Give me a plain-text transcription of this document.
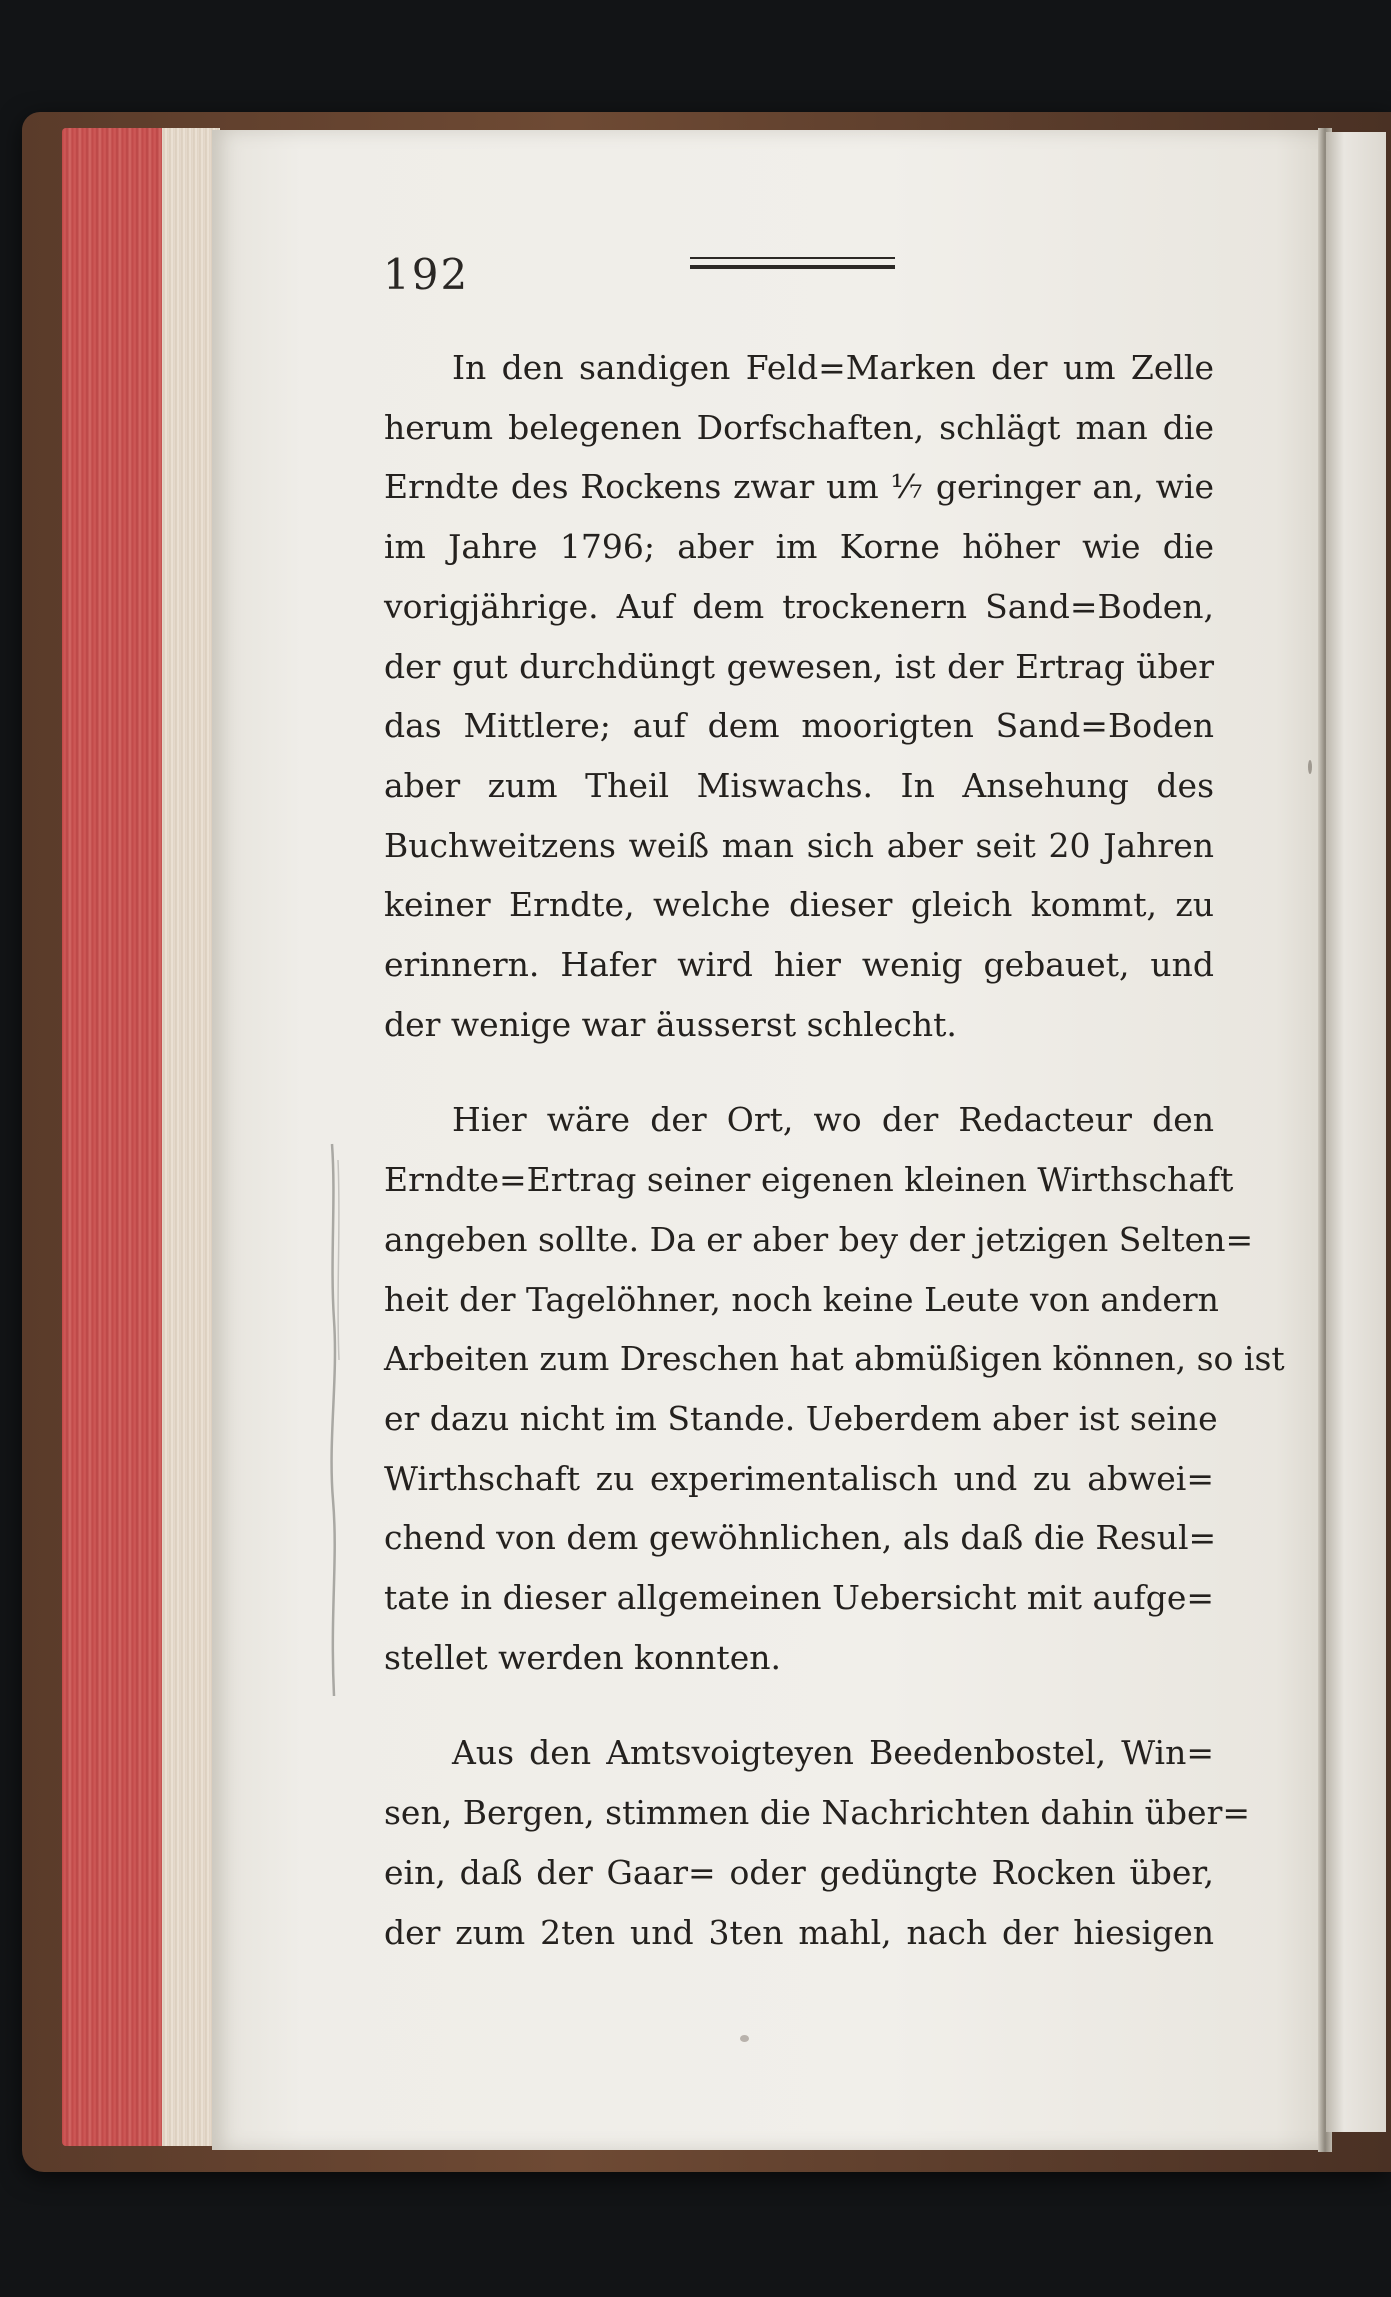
192

In den sandigen Feld=Marken der um Zelle
herum belegenen Dorfschaften, schlägt man die
Erndte des Rockens zwar um ⅐ geringer an, wie
im Jahre 1796; aber im Korne höher wie die
vorigjährige. Auf dem trockenern Sand=Boden,
der gut durchdüngt gewesen, ist der Ertrag über
das Mittlere; auf dem moorigten Sand=Boden
aber zum Theil Miswachs. In Ansehung des
Buchweitzens weiß man sich aber seit 20 Jahren
keiner Erndte, welche dieser gleich kommt, zu
erinnern. Hafer wird hier wenig gebauet, und
der wenige war äusserst schlecht.

Hier wäre der Ort, wo der Redacteur den
Erndte=Ertrag seiner eigenen kleinen Wirthschaft
angeben sollte. Da er aber bey der jetzigen Selten=
heit der Tagelöhner, noch keine Leute von andern
Arbeiten zum Dreschen hat abmüßigen können, so ist
er dazu nicht im Stande. Ueberdem aber ist seine
Wirthschaft zu experimentalisch und zu abwei=
chend von dem gewöhnlichen, als daß die Resul=
tate in dieser allgemeinen Uebersicht mit aufge=
stellet werden konnten.

Aus den Amtsvoigteyen Beedenbostel, Win=
sen, Bergen, stimmen die Nachrichten dahin über=
ein, daß der Gaar= oder gedüngte Rocken über,
der zum 2ten und 3ten mahl, nach der hiesigen
